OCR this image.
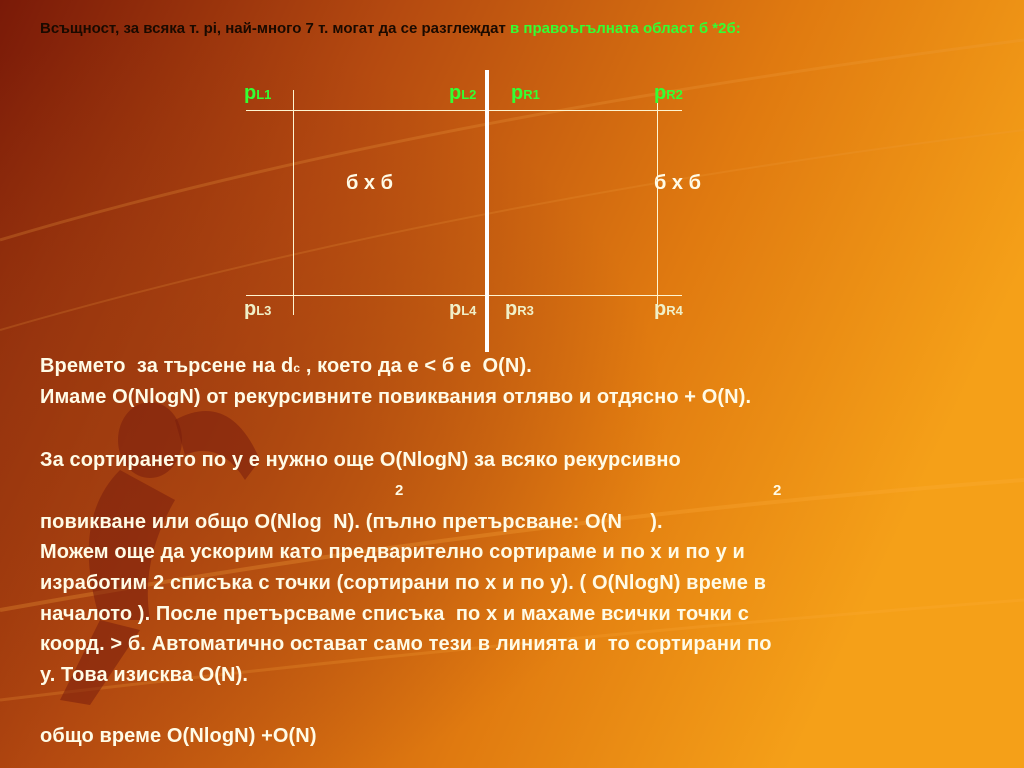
Всъщност, за всяка т. pi, най-много 7 т. могат да се разглеждат в правоъгълната област б *2б:
pL1	pL2 pR1	pR2
pL3	pL4 pR3	pR4
б x б	б x б
Времето  за търсене на dc , което да е < б е  O(N).
Имаме O(NlogN) от рекурсивните повиквания отляво и отдясно + O(N).
За сортирането по y е нужно още O(NlogN) за всяко рекурсивно
2	2
повикване или общо O(Nlog  N). (пълно претърсване: O(N     ).
Можем още да ускорим като предварително сортираме и по x и по y и
изработим 2 списъка с точки (сортирани по x и по y). ( O(NlogN) време в
началото ). После претърсваме списъка  по x и махаме всички точки с
коорд. > б. Автоматично остават само тези в линията и  то сортирани по
y. Това изисква O(N).
общо време O(NlogN) +O(N)
